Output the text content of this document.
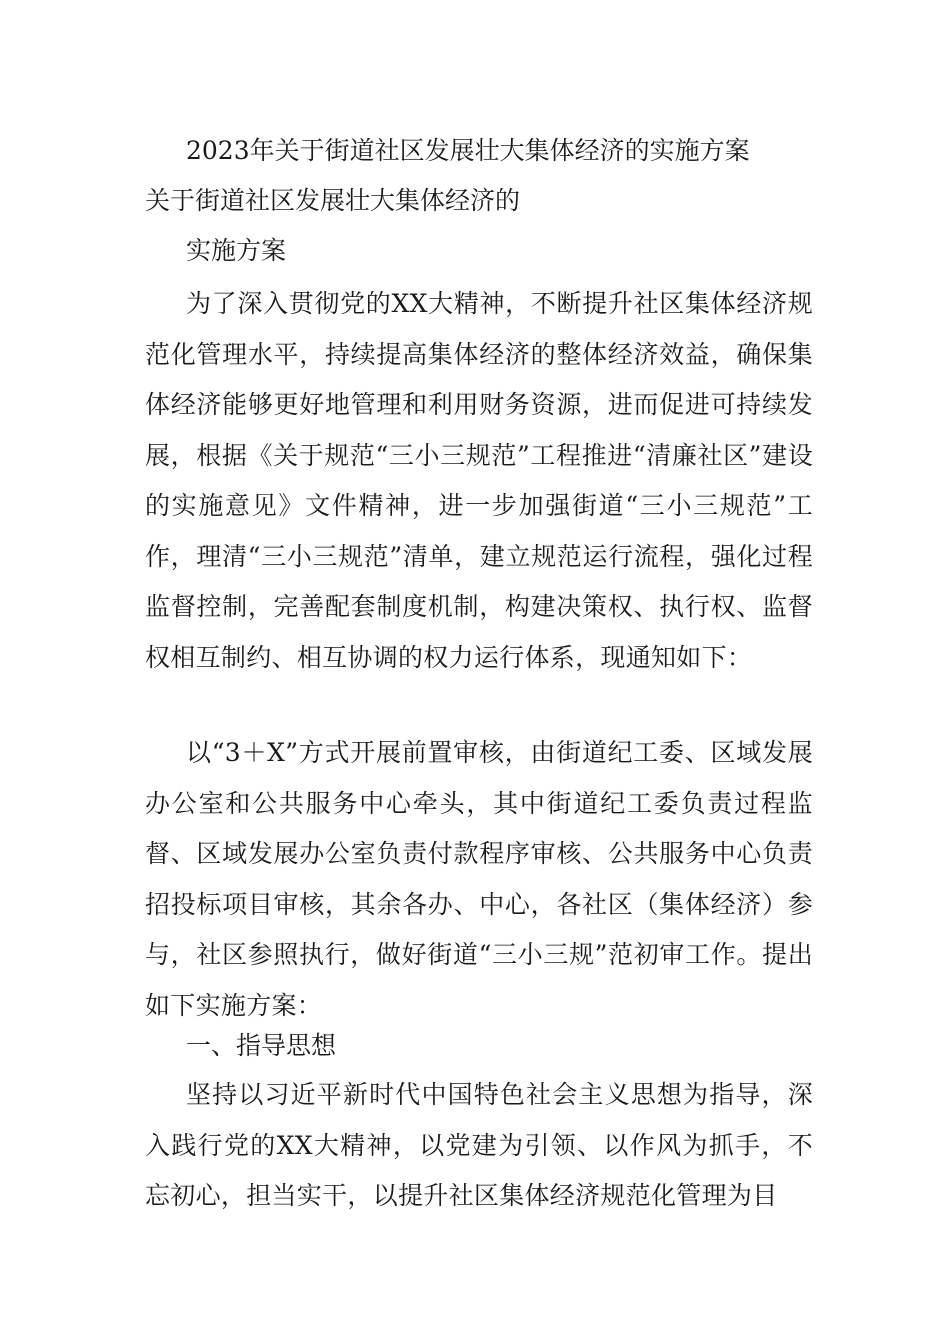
2023年关于街道社区发展壮大集体经济的实施方案

关于街道社区发展壮大集体经济的

实施方案

为了深入贯彻党的XX大精神，不断提升社区集体经济规范化管理水平，持续提高集体经济的整体经济效益，确保集体经济能够更好地管理和利用财务资源，进而促进可持续发展，根据《关于规范“三小三规范”工程推进“清廉社区”建设的实施意见》文件精神，进一步加强街道“三小三规范”工作，理清“三小三规范”清单，建立规范运行流程，强化过程监督控制，完善配套制度机制，构建决策权、执行权、监督权相互制约、相互协调的权力运行体系，现通知如下：

以“3＋X”方式开展前置审核，由街道纪工委、区域发展办公室和公共服务中心牵头，其中街道纪工委负责过程监督、区域发展办公室负责付款程序审核、公共服务中心负责招投标项目审核，其余各办、中心，各社区（集体经济）参与，社区参照执行，做好街道“三小三规”范初审工作。提出如下实施方案：

一、指导思想

坚持以习近平新时代中国特色社会主义思想为指导，深入践行党的XX大精神，以党建为引领、以作风为抓手，不忘初心，担当实干，以提升社区集体经济规范化管理为目
